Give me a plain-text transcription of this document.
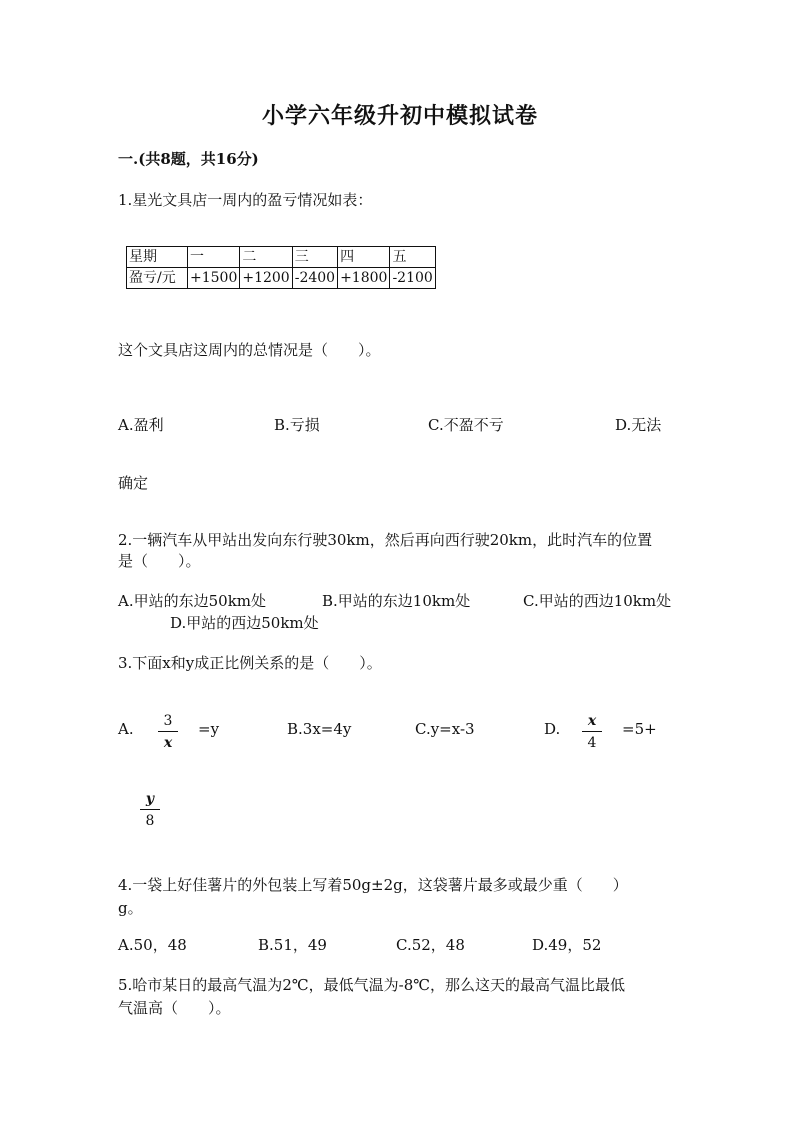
小学六年级升初中模拟试卷
一.(共8题，共16分)
1.星光文具店一周内的盈亏情况如表：
星期	一	二	三	四	五
盈亏/元	+1500	+1200	-2400	+1800	-2100
这个文具店这周内的总情况是（　　）。
A.盈利	B.亏损	C.不盈不亏	D.无法
确定
2.一辆汽车从甲站出发向东行驶30km，然后再向西行驶20km，此时汽车的位置
是（　　）。
A.甲站的东边50km处	B.甲站的东边10km处	C.甲站的西边10km处
D.甲站的西边50km处
3.下面x和y成正比例关系的是（　　）。
A. $\frac{3}{x} =y$	B.3x=4y	C.y=x-3	D. $\frac{x}{4} =5+$
$\frac{y}{8}$
4.一袋上好佳薯片的外包装上写着50g±2g，这袋薯片最多或最少重（　　）
g。
A.50，48	B.51，49	C.52，48	D.49，52
5.哈市某日的最高气温为2℃，最低气温为-8℃，那么这天的最高气温比最低
气温高（　　）。
